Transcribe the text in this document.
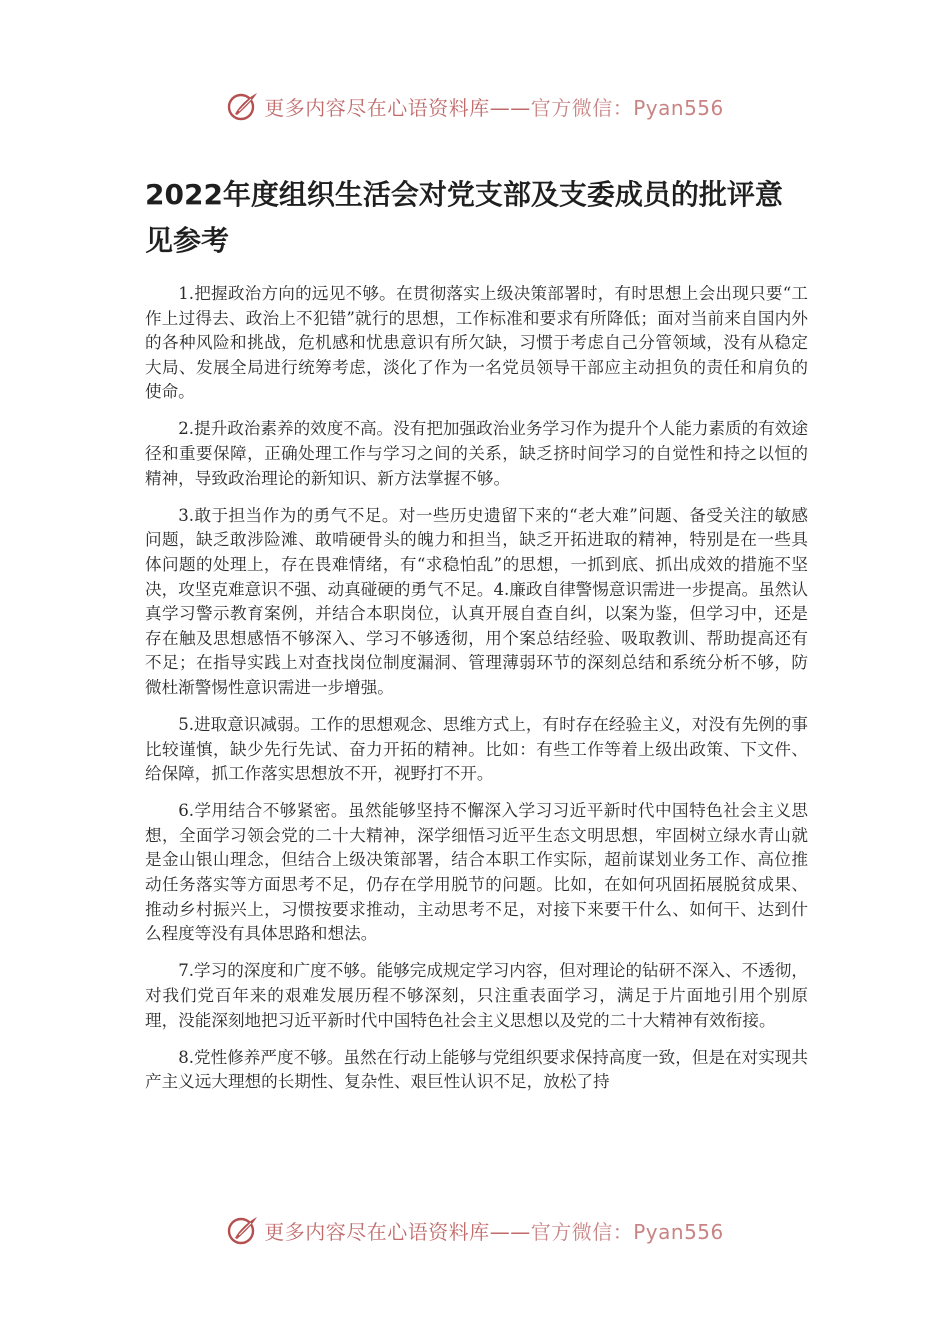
更多内容尽在心语资料库——官方微信：Pyan556
2022年度组织生活会对党支部及支委成员的批评意见参考

1.把握政治方向的远见不够。在贯彻落实上级决策部署时，有时思想上会出现只要“工作上过得去、政治上不犯错”就行的思想，工作标准和要求有所降低；面对当前来自国内外的各种风险和挑战，危机感和忧患意识有所欠缺，习惯于考虑自己分管领域，没有从稳定大局、发展全局进行统筹考虑，淡化了作为一名党员领导干部应主动担负的责任和肩负的使命。

2.提升政治素养的效度不高。没有把加强政治业务学习作为提升个人能力素质的有效途径和重要保障，正确处理工作与学习之间的关系，缺乏挤时间学习的自觉性和持之以恒的精神，导致政治理论的新知识、新方法掌握不够。

3.敢于担当作为的勇气不足。对一些历史遗留下来的“老大难”问题、备受关注的敏感问题，缺乏敢涉险滩、敢啃硬骨头的魄力和担当，缺乏开拓进取的精神，特别是在一些具体问题的处理上，存在畏难情绪，有“求稳怕乱”的思想，一抓到底、抓出成效的措施不坚决，攻坚克难意识不强、动真碰硬的勇气不足。4.廉政自律警惕意识需进一步提高。虽然认真学习警示教育案例，并结合本职岗位，认真开展自查自纠，以案为鉴，但学习中，还是存在触及思想感悟不够深入、学习不够透彻，用个案总结经验、吸取教训、帮助提高还有不足；在指导实践上对查找岗位制度漏洞、管理薄弱环节的深刻总结和系统分析不够，防微杜渐警惕性意识需进一步增强。

5.进取意识减弱。工作的思想观念、思维方式上，有时存在经验主义，对没有先例的事比较谨慎，缺少先行先试、奋力开拓的精神。比如：有些工作等着上级出政策、下文件、给保障，抓工作落实思想放不开，视野打不开。

6.学用结合不够紧密。虽然能够坚持不懈深入学习习近平新时代中国特色社会主义思想，全面学习领会党的二十大精神，深学细悟习近平生态文明思想，牢固树立绿水青山就是金山银山理念，但结合上级决策部署，结合本职工作实际，超前谋划业务工作、高位推动任务落实等方面思考不足，仍存在学用脱节的问题。比如，在如何巩固拓展脱贫成果、推动乡村振兴上，习惯按要求推动，主动思考不足，对接下来要干什么、如何干、达到什么程度等没有具体思路和想法。

7.学习的深度和广度不够。能够完成规定学习内容，但对理论的钻研不深入、不透彻，对我们党百年来的艰难发展历程不够深刻，只注重表面学习，满足于片面地引用个别原理，没能深刻地把习近平新时代中国特色社会主义思想以及党的二十大精神有效衔接。

8.党性修养严度不够。虽然在行动上能够与党组织要求保持高度一致，但是在对实现共产主义远大理想的长期性、复杂性、艰巨性认识不足，放松了持

更多内容尽在心语资料库——官方微信：Pyan556
